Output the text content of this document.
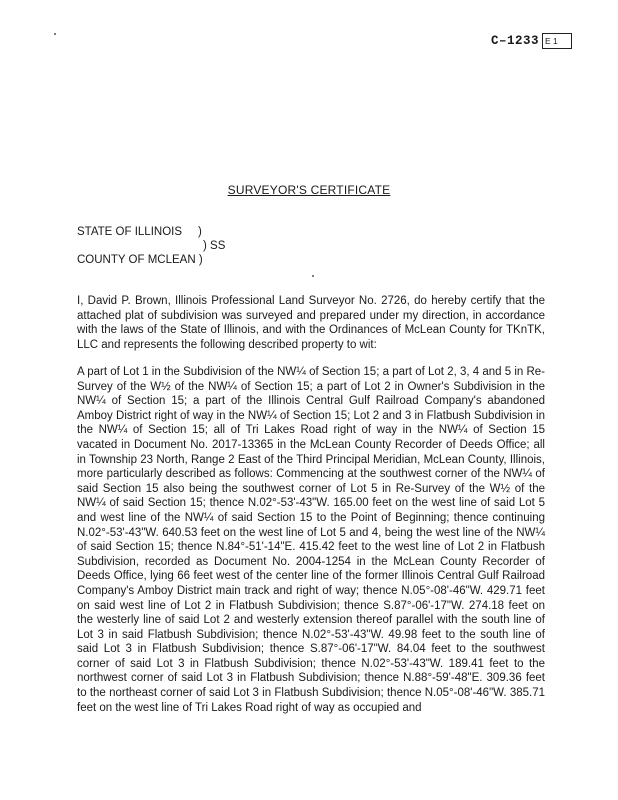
C–1233 E 1
SURVEYOR'S CERTIFICATE
STATE OF ILLINOIS     )
) SS
COUNTY OF MCLEAN )
I, David P. Brown, Illinois Professional Land Surveyor No. 2726, do hereby certify that the attached plat of subdivision was surveyed and prepared under my direction, in accordance with the laws of the State of Illinois, and with the Ordinances of McLean County for TKnTK, LLC and represents the following described property to wit:
A part of Lot 1 in the Subdivision of the NW¼ of Section 15; a part of Lot 2, 3, 4 and 5 in Re-Survey of the W½ of the NW¼ of Section 15; a part of Lot 2 in Owner's Subdivision in the NW¼ of Section 15; a part of the Illinois Central Gulf Railroad Company's abandoned Amboy District right of way in the NW¼ of Section 15; Lot 2 and 3 in Flatbush Subdivision in the NW¼ of Section 15; all of Tri Lakes Road right of way in the NW¼ of Section 15 vacated in Document No. 2017-13365 in the McLean County Recorder of Deeds Office; all in Township 23 North, Range 2 East of the Third Principal Meridian, McLean County, Illinois, more particularly described as follows: Commencing at the southwest corner of the NW¼ of said Section 15 also being the southwest corner of Lot 5 in Re-Survey of the W½ of the NW¼ of said Section 15; thence N.02°-53'-43"W. 165.00 feet on the west line of said Lot 5 and west line of the NW¼ of said Section 15 to the Point of Beginning; thence continuing N.02°-53'-43"W. 640.53 feet on the west line of Lot 5 and 4, being the west line of the NW¼ of said Section 15; thence N.84°-51'-14"E. 415.42 feet to the west line of Lot 2 in Flatbush Subdivision, recorded as Document No. 2004-1254 in the McLean County Recorder of Deeds Office, lying 66 feet west of the center line of the former Illinois Central Gulf Railroad Company's Amboy District main track and right of way; thence N.05°-08'-46"W. 429.71 feet on said west line of Lot 2 in Flatbush Subdivision; thence S.87°-06'-17"W. 274.18 feet on the westerly line of said Lot 2 and westerly extension thereof parallel with the south line of Lot 3 in said Flatbush Subdivision; thence N.02°-53'-43"W. 49.98 feet to the south line of said Lot 3 in Flatbush Subdivision; thence S.87°-06'-17"W. 84.04 feet to the southwest corner of said Lot 3 in Flatbush Subdivision; thence N.02°-53'-43"W. 189.41 feet to the northwest corner of said Lot 3 in Flatbush Subdivision; thence N.88°-59'-48"E. 309.36 feet to the northeast corner of said Lot 3 in Flatbush Subdivision; thence N.05°-08'-46"W. 385.71 feet on the west line of Tri Lakes Road right of way as occupied and
